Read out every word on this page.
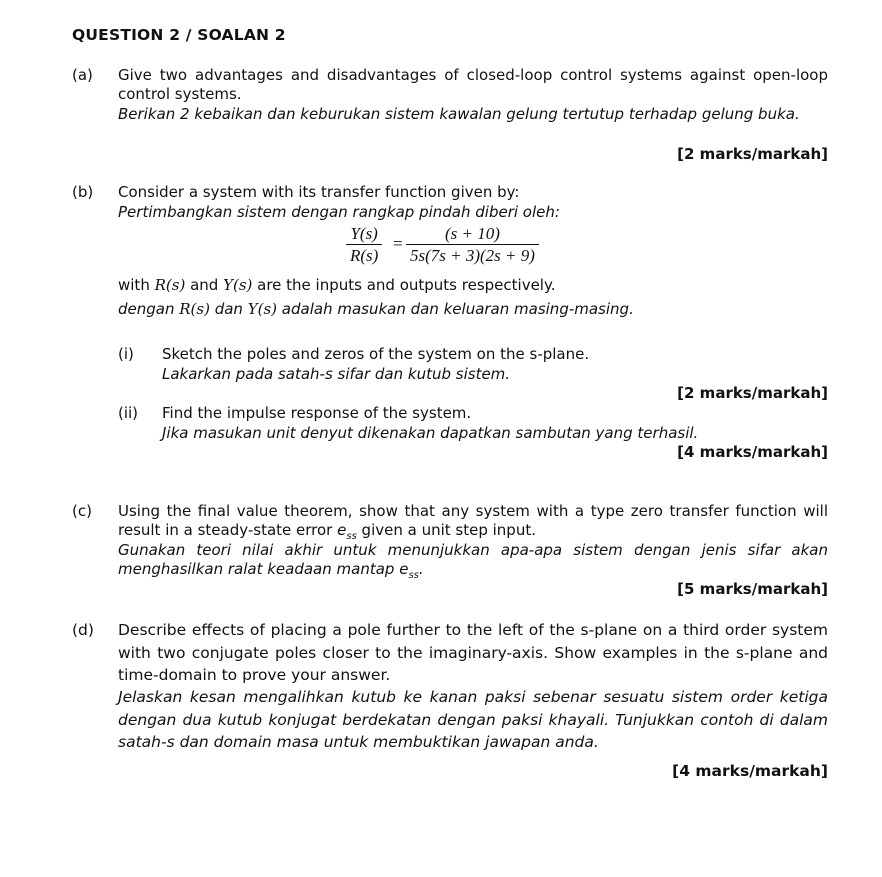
QUESTION 2 / SOALAN 2
(a) Give two advantages and disadvantages of closed-loop control systems against open-loop control systems.
Berikan 2 kebaikan dan keburukan sistem kawalan gelung tertutup terhadap gelung buka.
[2 marks/markah]
(b) Consider a system with its transfer function given by:
Pertimbangkan sistem dengan rangkap pindah diberi oleh:
Y(s)
R(s)
=
(s + 10)
5s(7s + 3)(2s + 9)
with R(s) and Y(s) are the inputs and outputs respectively.
dengan R(s) dan Y(s) adalah masukan dan keluaran masing-masing.
(i) Sketch the poles and zeros of the system on the s-plane.
Lakarkan pada satah-s sifar dan kutub sistem.
[2 marks/markah]
(ii) Find the impulse response of the system.
Jika masukan unit denyut dikenakan dapatkan sambutan yang terhasil.
[4 marks/markah]
(c) Using the final value theorem, show that any system with a type zero transfer function will result in a steady-state error $e_{ss}$ given a unit step input.
Gunakan teori nilai akhir untuk menunjukkan apa-apa sistem dengan jenis sifar akan menghasilkan ralat keadaan mantap $e_{ss}$.
[5 marks/markah]
(d) Describe effects of placing a pole further to the left of the s-plane on a third order system with two conjugate poles closer to the imaginary-axis. Show examples in the s-plane and time-domain to prove your answer.
Jelaskan kesan mengalihkan kutub ke kanan paksi sebenar sesuatu sistem order ketiga dengan dua kutub konjugat berdekatan dengan paksi khayali. Tunjukkan contoh di dalam satah-s dan domain masa untuk membuktikan jawapan anda.
[4 marks/markah]
